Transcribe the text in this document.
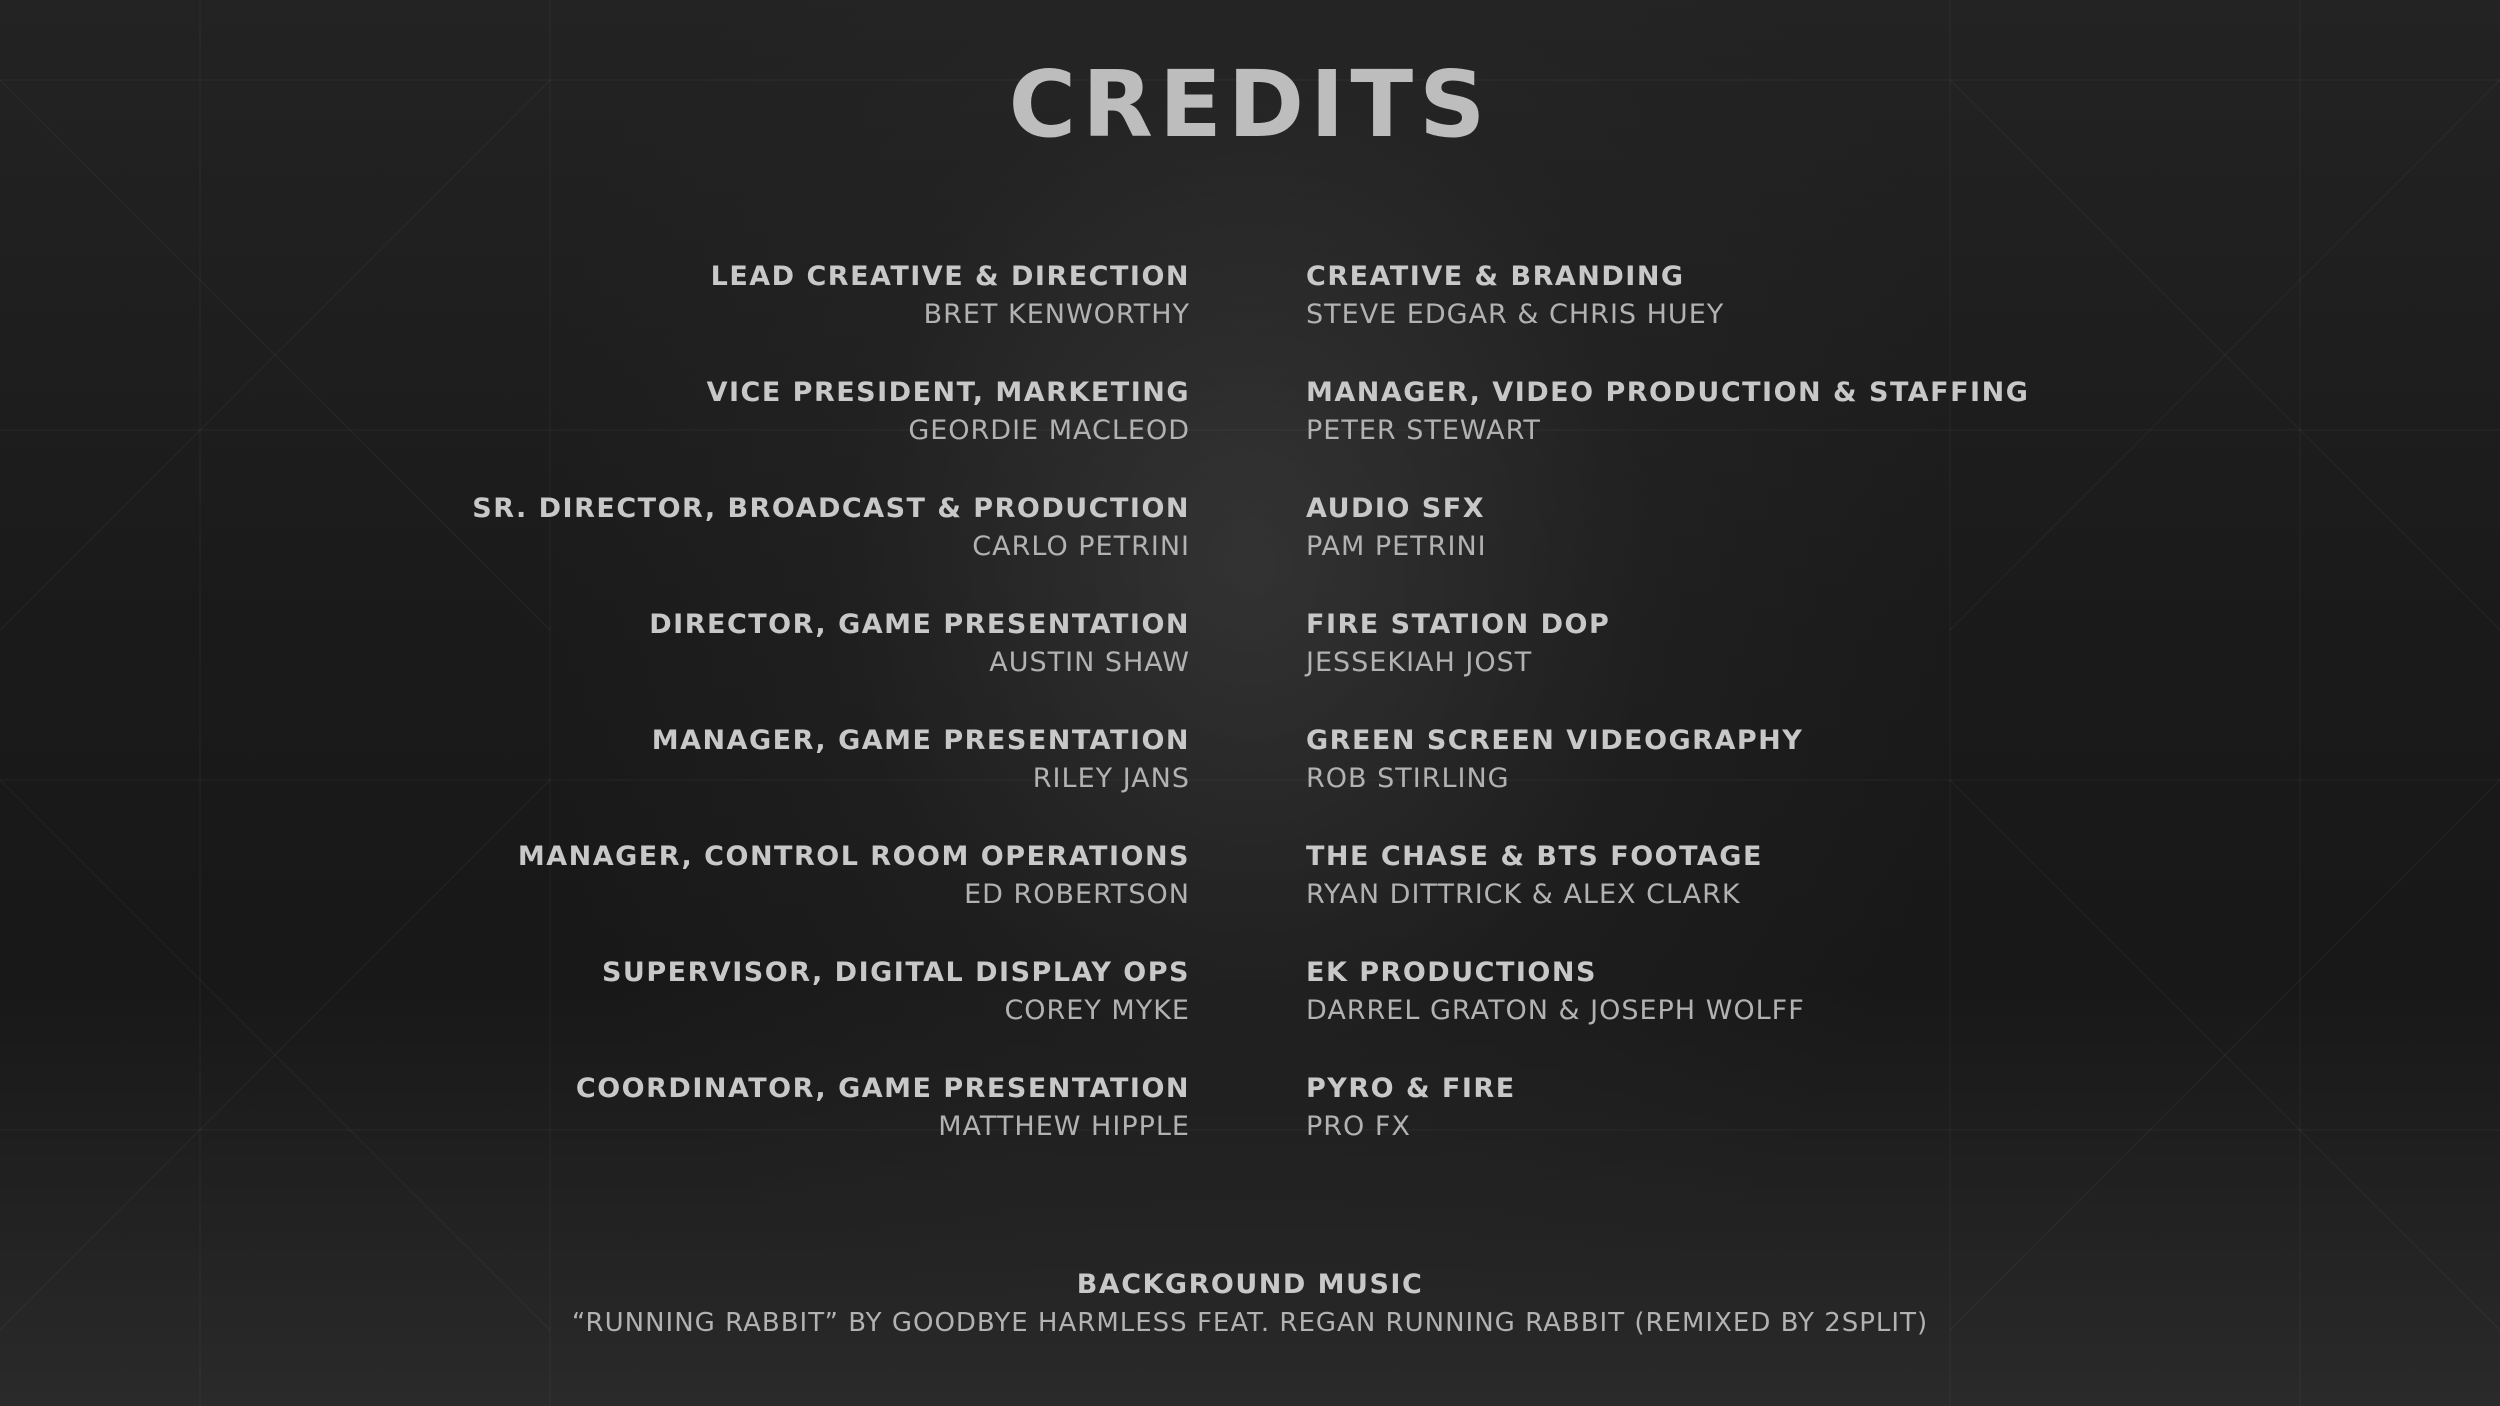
CREDITS
LEAD CREATIVE & DIRECTION
BRET KENWORTHY
VICE PRESIDENT, MARKETING
GEORDIE MACLEOD
SR. DIRECTOR, BROADCAST & PRODUCTION
CARLO PETRINI
DIRECTOR, GAME PRESENTATION
AUSTIN SHAW
MANAGER, GAME PRESENTATION
RILEY JANS
MANAGER, CONTROL ROOM OPERATIONS
ED ROBERTSON
SUPERVISOR, DIGITAL DISPLAY OPS
COREY MYKE
COORDINATOR, GAME PRESENTATION
MATTHEW HIPPLE
CREATIVE & BRANDING
STEVE EDGAR & CHRIS HUEY
MANAGER, VIDEO PRODUCTION & STAFFING
PETER STEWART
AUDIO SFX
PAM PETRINI
FIRE STATION DOP
JESSEKIAH JOST
GREEN SCREEN VIDEOGRAPHY
ROB STIRLING
THE CHASE & BTS FOOTAGE
RYAN DITTRICK & ALEX CLARK
EK PRODUCTIONS
DARREL GRATON & JOSEPH WOLFF
PYRO & FIRE
PRO FX
BACKGROUND MUSIC
“RUNNING RABBIT” BY GOODBYE HARMLESS FEAT. REGAN RUNNING RABBIT (REMIXED BY 2SPLIT)
